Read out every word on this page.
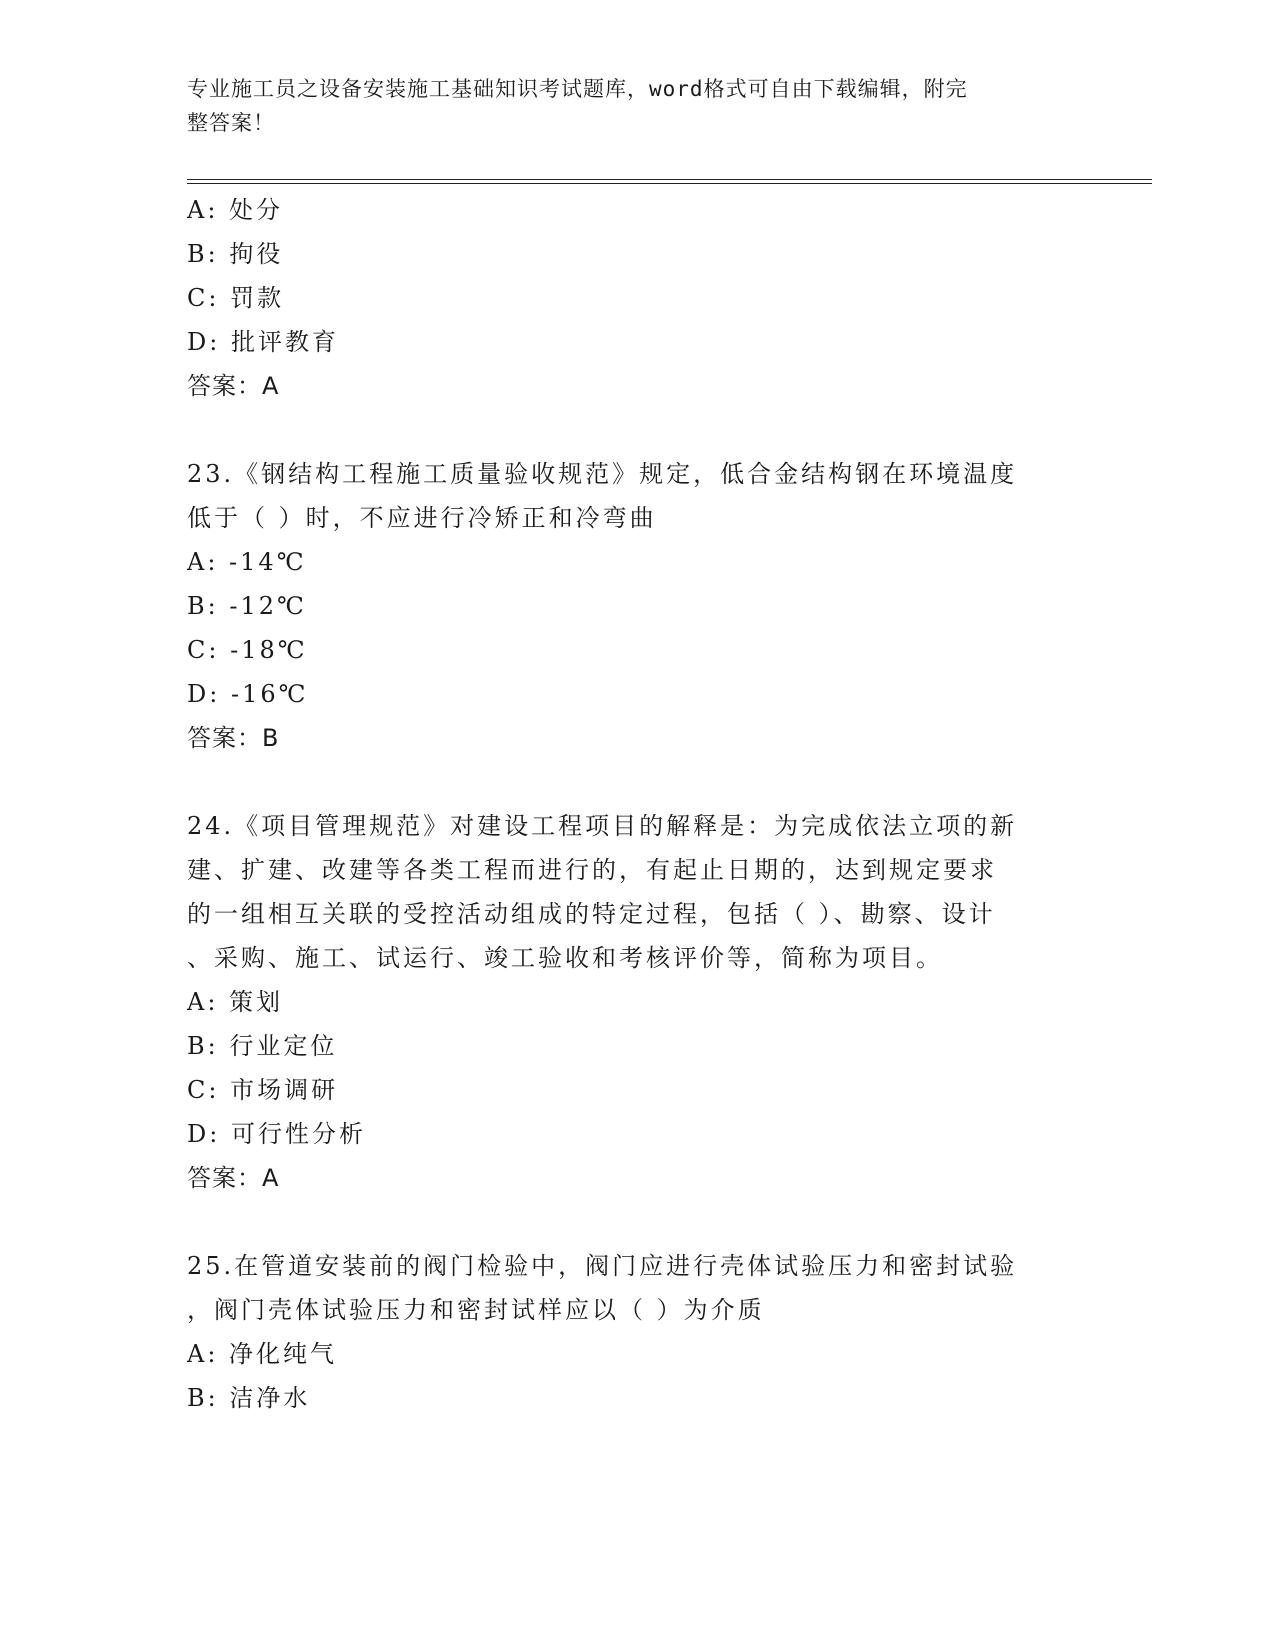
专业施工员之设备安装施工基础知识考试题库，word格式可自由下载编辑，附完
整答案！
A: 处分
B: 拘役
C: 罚款
D: 批评教育
答案：A
23.《钢结构工程施工质量验收规范》规定，低合金结构钢在环境温度
低于（ ）时，不应进行冷矫正和冷弯曲
A: -14℃
B: -12℃
C: -18℃
D: -16℃
答案：B
24.《项目管理规范》对建设工程项目的解释是：为完成依法立项的新
建、扩建、改建等各类工程而进行的，有起止日期的，达到规定要求
的一组相互关联的受控活动组成的特定过程，包括（ ）、勘察、设计
、采购、施工、试运行、竣工验收和考核评价等，简称为项目。
A: 策划
B: 行业定位
C: 市场调研
D: 可行性分析
答案：A
25.在管道安装前的阀门检验中，阀门应进行壳体试验压力和密封试验
，阀门壳体试验压力和密封试样应以（ ）为介质
A: 净化纯气
B: 洁净水
